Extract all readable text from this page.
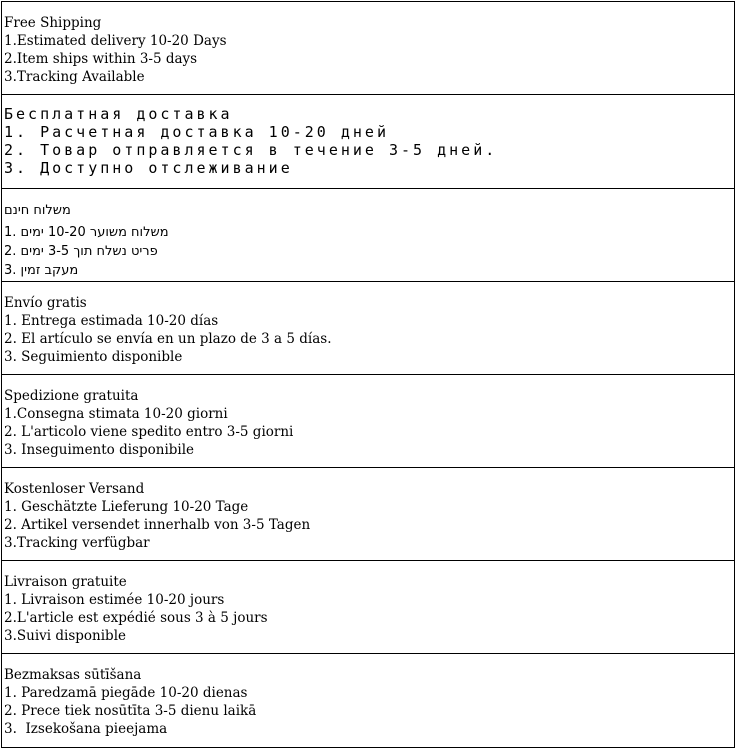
Free Shipping
1.Estimated delivery 10-20 Days
2.Item ships within 3-5 days
3.Tracking Available
Бесплатная доставка
1. Расчетная доставка 10-20 дней
2. Товар отправляется в течение 3-5 дней.
3. Доступно отслеживание
משלוח חינם
1. משלוח משוער 10-20 ימים
2. פריט נשלח תוך 3-5 ימים
3. מעקב זמין
Envío gratis
1. Entrega estimada 10-20 días
2. El artículo se envía en un plazo de 3 a 5 días.
3. Seguimiento disponible
Spedizione gratuita
1.Consegna stimata 10-20 giorni
2. L'articolo viene spedito entro 3-5 giorni
3. Inseguimento disponibile
Kostenloser Versand
1. Geschätzte Lieferung 10-20 Tage
2. Artikel versendet innerhalb von 3-5 Tagen
3.Tracking verfügbar
Livraison gratuite
1. Livraison estimée 10-20 jours
2.L'article est expédié sous 3 à 5 jours
3.Suivi disponible
Bezmaksas sūtīšana
1. Paredzamā piegāde 10-20 dienas
2. Prece tiek nosūtīta 3-5 dienu laikā
3.  Izsekošana pieejama
